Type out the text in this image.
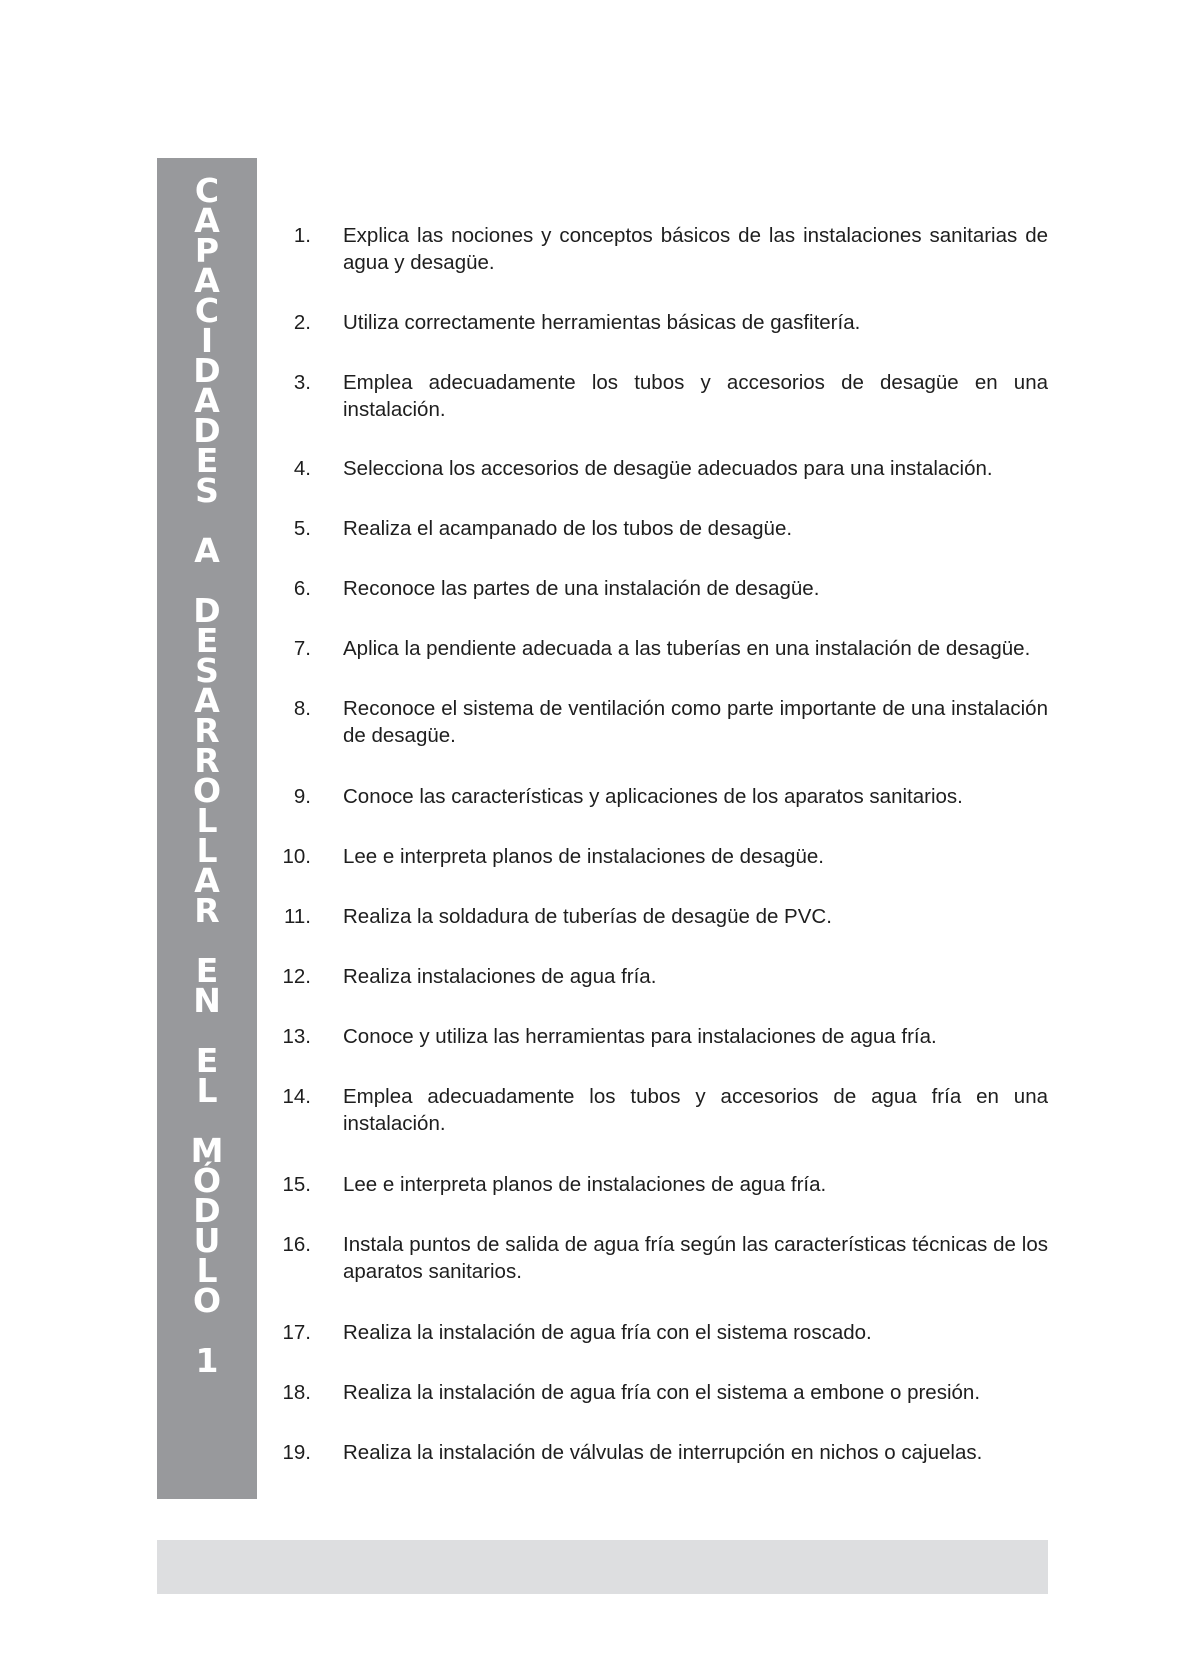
C
A
P
A
C
I
D
A
D
E
S
A
D
E
S
A
R
R
O
L
L
A
R
E
N
E
L
M
Ó
D
U
L
O
1
1. Explica las nociones y conceptos básicos de las instalaciones sanitarias de agua y desagüe.
2. Utiliza correctamente herramientas básicas de gasfitería.
3. Emplea adecuadamente los tubos y accesorios de desagüe en una instalación.
4. Selecciona los accesorios de desagüe adecuados para una instalación.
5. Realiza el acampanado de los tubos de desagüe.
6. Reconoce las partes de una instalación de desagüe.
7. Aplica la pendiente adecuada a las tuberías en una instalación de desagüe.
8. Reconoce el sistema de ventilación como parte importante de una instalación de desagüe.
9. Conoce las características y aplicaciones de los aparatos sanitarios.
10. Lee e interpreta planos de instalaciones de desagüe.
11. Realiza la soldadura de tuberías de desagüe de PVC.
12. Realiza instalaciones de agua fría.
13. Conoce y utiliza las herramientas para instalaciones de agua fría.
14. Emplea adecuadamente los tubos y accesorios de agua fría en una instalación.
15. Lee e interpreta planos de instalaciones de agua fría.
16. Instala puntos de salida de agua fría según las características técnicas de los aparatos sanitarios.
17. Realiza la instalación de agua fría con el sistema roscado.
18. Realiza la instalación de agua fría con el sistema a embone o presión.
19. Realiza la instalación de válvulas de interrupción en nichos o cajuelas.
